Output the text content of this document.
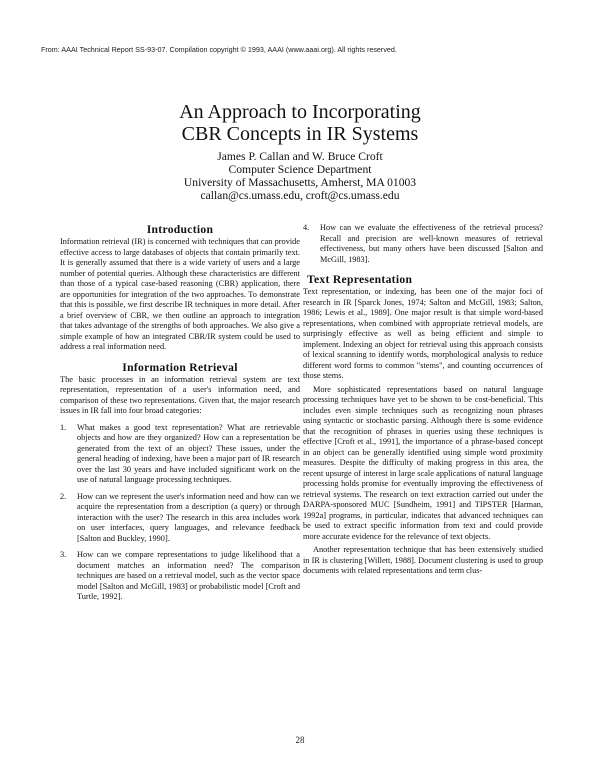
From: AAAI Technical Report SS-93-07. Compilation copyright © 1993, AAAI (www.aaai.org). All rights reserved.
An Approach to Incorporating
CBR Concepts in IR Systems
James P. Callan and W. Bruce Croft
Computer Science Department
University of Massachusetts, Amherst, MA 01003
callan@cs.umass.edu, croft@cs.umass.edu
Introduction

Information retrieval (IR) is concerned with techniques that can provide effective access to large databases of objects that contain primarily text. It is generally assumed that there is a wide variety of users and a large number of potential queries. Although these characteristics are different than those of a typical case-based reasoning (CBR) application, there are opportunities for integration of the two approaches. To demonstrate that this is possible, we first describe IR techniques in more detail. After a brief overview of CBR, we then outline an approach to integration that takes advantage of the strengths of both approaches. We also give a simple example of how an integrated CBR/IR system could be used to address a real information need.

Information Retrieval

The basic processes in an information retrieval system are text representation, representation of a user's information need, and comparison of these two representations. Given that, the major research issues in IR fall into four broad categories:

1. What makes a good text representation? What are retrievable objects and how are they organized? How can a representation be generated from the text of an object? These issues, under the general heading of indexing, have been a major part of IR research over the last 30 years and have included significant work on the use of natural language processing techniques.
2. How can we represent the user's information need and how can we acquire the representation from a description (a query) or through interaction with the user? The research in this area includes work on user interfaces, query languages, and relevance feedback [Salton and Buckley, 1990].
3. How can we compare representations to judge likelihood that a document matches an information need? The comparison techniques are based on a retrieval model, such as the vector space model [Salton and McGill, 1983] or probabilistic model [Croft and Turtle, 1992].
4. How can we evaluate the effectiveness of the retrieval process? Recall and precision are well-known measures of retrieval effectiveness, but many others have been discussed [Salton and McGill, 1983].
Text Representation

Text representation, or indexing, has been one of the major foci of research in IR [Sparck Jones, 1974; Salton and McGill, 1983; Salton, 1986; Lewis et al., 1989]. One major result is that simple word-based representations, when combined with appropriate retrieval models, are surprisingly effective as well as being efficient and simple to implement. Indexing an object for retrieval using this approach consists of lexical scanning to identify words, morphological analysis to reduce different word forms to common "stems", and counting occurrences of those stems.

More sophisticated representations based on natural language processing techniques have yet to be shown to be cost-beneficial. This includes even simple techniques such as recognizing noun phrases using syntactic or stochastic parsing. Although there is some evidence that the recognition of phrases in queries using these techniques is effective [Croft et al., 1991], the importance of a phrase-based concept in an object can be generally identified using simple word proximity measures. Despite the difficulty of making progress in this area, the recent upsurge of interest in large scale applications of natural language processing holds promise for eventually improving the effectiveness of retrieval systems. The research on text extraction carried out under the DARPA-sponsored MUC [Sundheim, 1991] and TIPSTER [Harman, 1992a] programs, in particular, indicates that advanced techniques can be used to extract specific information from text and could provide more accurate evidence for the relevance of text objects.

Another representation technique that has been extensively studied in IR is clustering [Willett, 1988]. Document clustering is used to group documents with related representations and term clus-

28
